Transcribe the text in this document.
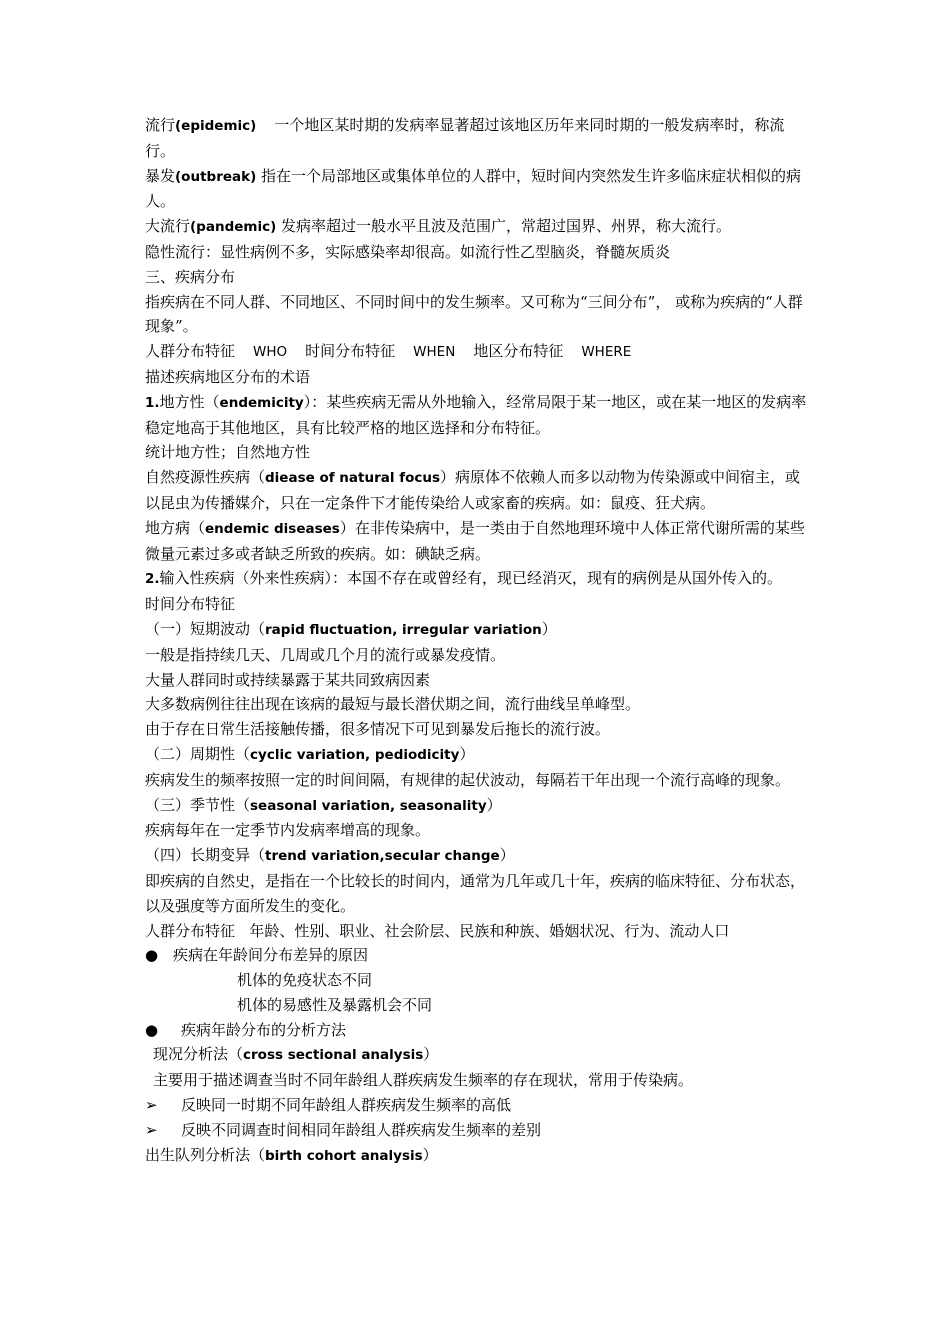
流行(epidemic) 一个地区某时期的发病率显著超过该地区历年来同时期的一般发病率时，称流行。

暴发(outbreak) 指在一个局部地区或集体单位的人群中，短时间内突然发生许多临床症状相似的病人。

大流行(pandemic) 发病率超过一般水平且波及范围广，常超过国界、州界，称大流行。

隐性流行：显性病例不多，实际感染率却很高。如流行性乙型脑炎，脊髓灰质炎

三、疾病分布

指疾病在不同人群、不同地区、不同时间中的发生频率。又可称为“三间分布”， 或称为疾病的“人群现象”。

人群分布特征 WHO 时间分布特征 WHEN 地区分布特征 WHERE

描述疾病地区分布的术语

1.地方性（endemicity）：某些疾病无需从外地输入，经常局限于某一地区，或在某一地区的发病率稳定地高于其他地区，具有比较严格的地区选择和分布特征。

统计地方性；自然地方性

自然疫源性疾病（diease of natural focus）病原体不依赖人而多以动物为传染源或中间宿主，或以昆虫为传播媒介，只在一定条件下才能传染给人或家畜的疾病。如：鼠疫、狂犬病。

地方病（endemic diseases）在非传染病中，是一类由于自然地理环境中人体正常代谢所需的某些微量元素过多或者缺乏所致的疾病。如：碘缺乏病。

2.输入性疾病（外来性疾病）：本国不存在或曾经有，现已经消灭，现有的病例是从国外传入的。

时间分布特征

（一）短期波动（rapid fluctuation, irregular variation）

一般是指持续几天、几周或几个月的流行或暴发疫情。

大量人群同时或持续暴露于某共同致病因素

大多数病例往往出现在该病的最短与最长潜伏期之间，流行曲线呈单峰型。

由于存在日常生活接触传播，很多情况下可见到暴发后拖长的流行波。

（二）周期性（cyclic variation, pediodicity）

疾病发生的频率按照一定的时间间隔，有规律的起伏波动，每隔若干年出现一个流行高峰的现象。

（三）季节性（seasonal variation, seasonality）

疾病每年在一定季节内发病率增高的现象。

（四）长期变异（trend variation,secular change）

即疾病的自然史，是指在一个比较长的时间内，通常为几年或几十年，疾病的临床特征、分布状态，以及强度等方面所发生的变化。

人群分布特征 年龄、性别、职业、社会阶层、民族和种族、婚姻状况、行为、流动人口

● 疾病在年龄间分布差异的原因

机体的免疫状态不同

机体的易感性及暴露机会不同

●	疾病年龄分布的分析方法

现况分析法（cross sectional analysis）

主要用于描述调查当时不同年龄组人群疾病发生频率的存在现状，常用于传染病。

➢	反映同一时期不同年龄组人群疾病发生频率的高低

➢	反映不同调查时间相同年龄组人群疾病发生频率的差别

出生队列分析法（birth cohort analysis）
